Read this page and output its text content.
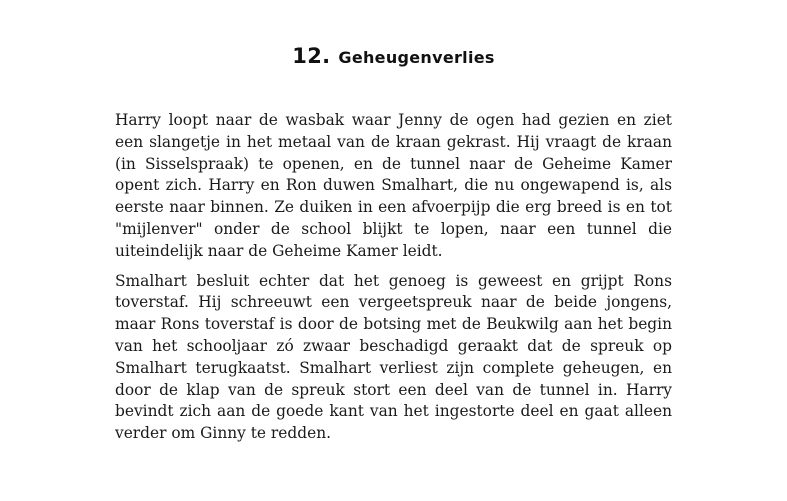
12. Geheugenverlies

Harry loopt naar de wasbak waar Jenny de ogen had gezien en ziet een slangetje in het metaal van de kraan gekrast. Hij vraagt de kraan (in Sisselspraak) te openen, en de tunnel naar de Geheime Kamer opent zich. Harry en Ron duwen Smalhart, die nu ongewapend is, als eerste naar binnen. Ze duiken in een afvoerpijp die erg breed is en tot "mijlenver" onder de school blijkt te lopen, naar een tunnel die uiteindelijk naar de Geheime Kamer leidt.

Smalhart besluit echter dat het genoeg is geweest en grijpt Rons toverstaf. Hij schreeuwt een vergeetspreuk naar de beide jongens, maar Rons toverstaf is door de botsing met de Beukwilg aan het begin van het schooljaar zó zwaar beschadigd geraakt dat de spreuk op Smalhart terugkaatst. Smalhart verliest zijn complete geheugen, en door de klap van de spreuk stort een deel van de tunnel in. Harry bevindt zich aan de goede kant van het ingestorte deel en gaat alleen verder om Ginny te redden.
